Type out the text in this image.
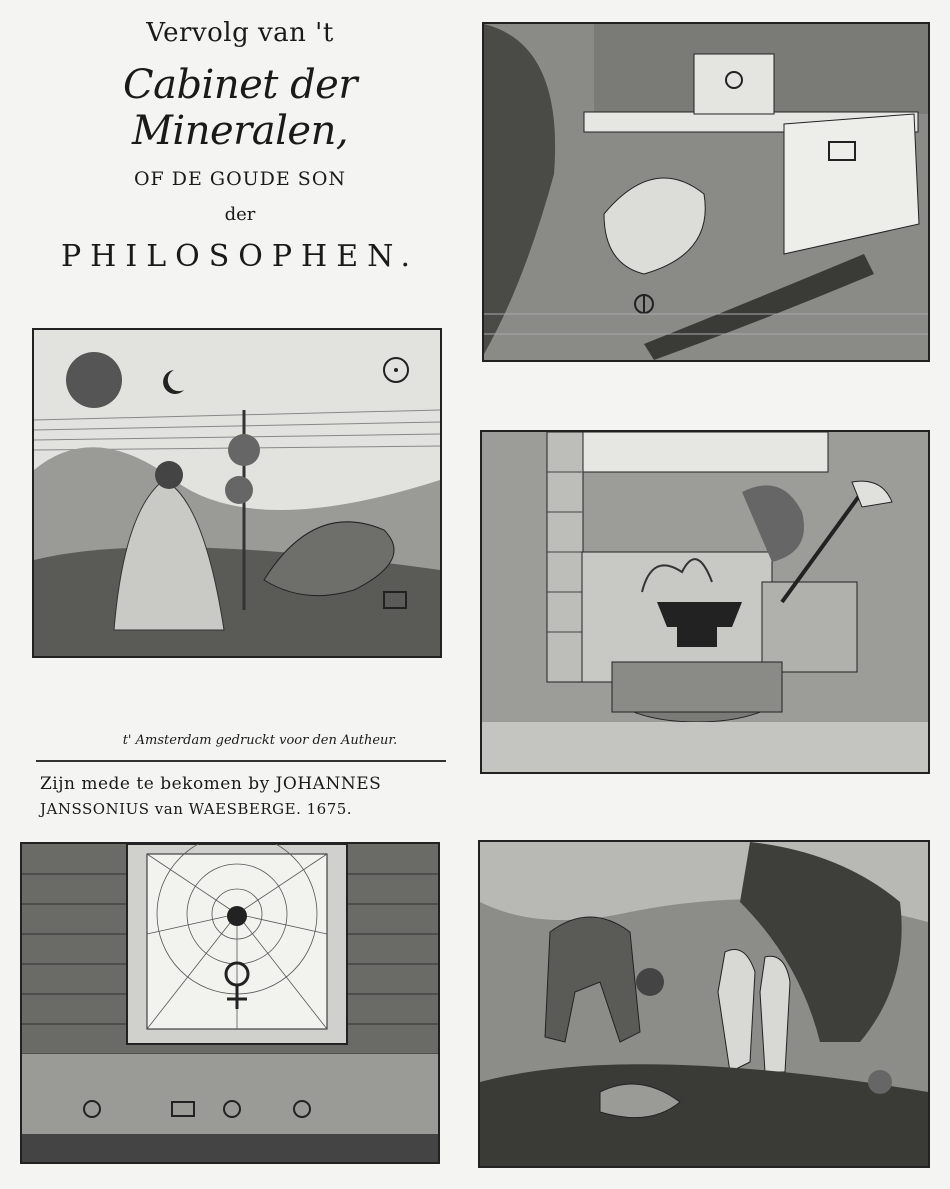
Vervolg van 't
Cabinet der Mineralen,
OF DE GOUDE SON
der
PHILOSOPHEN.
t' Amsterdam gedruckt voor den Autheur.
Zijn mede te bekomen by JOHANNES
JANSSONIUS van WAESBERGE. 1675.
